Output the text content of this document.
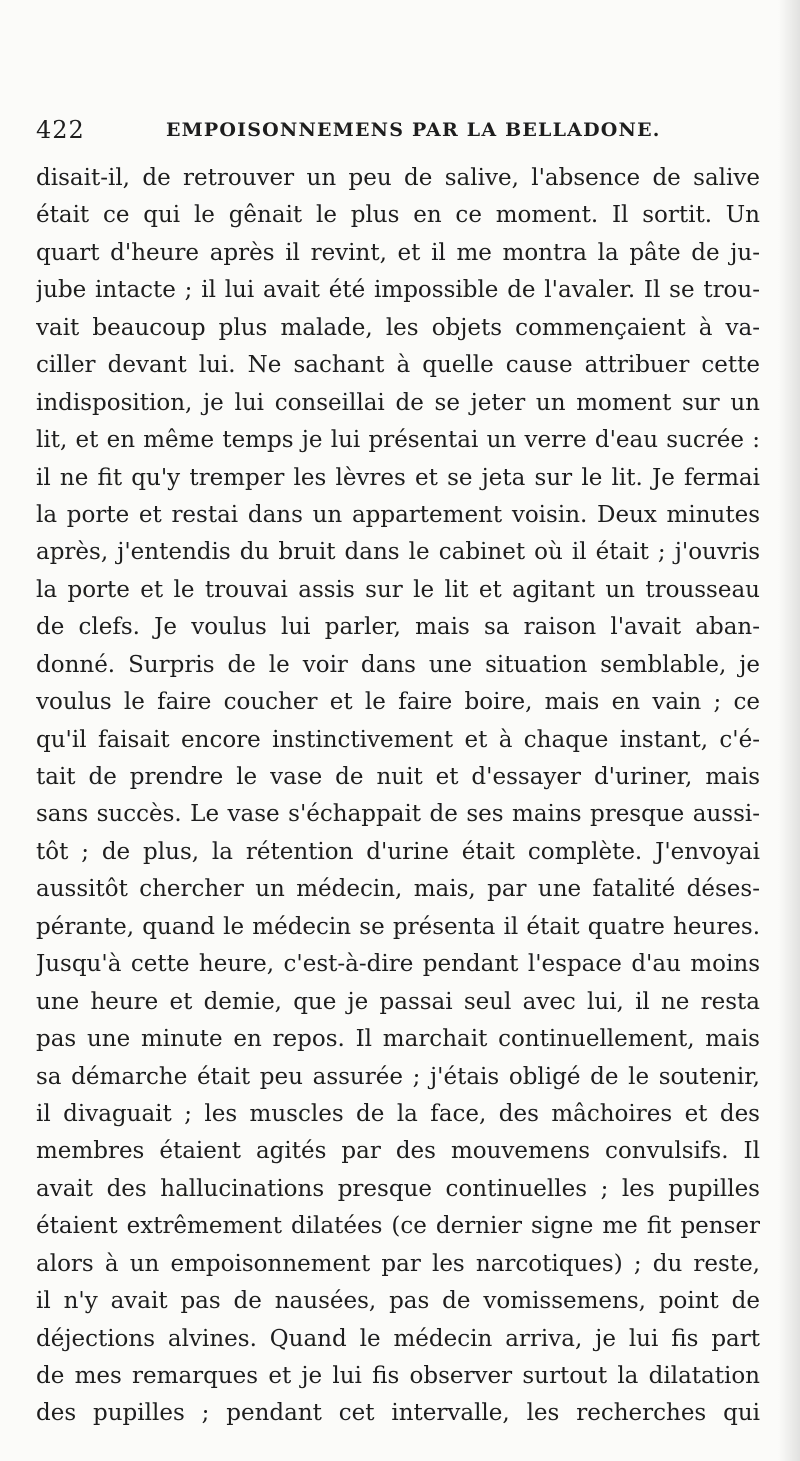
422	EMPOISONNEMENS PAR LA BELLADONE.
disait-il, de retrouver un peu de salive, l'absence de salive
était ce qui le gênait le plus en ce moment. Il sortit. Un
quart d'heure après il revint, et il me montra la pâte de ju-
jube intacte ; il lui avait été impossible de l'avaler. Il se trou-
vait beaucoup plus malade, les objets commençaient à va-
ciller devant lui. Ne sachant à quelle cause attribuer cette
indisposition, je lui conseillai de se jeter un moment sur un
lit, et en même temps je lui présentai un verre d'eau sucrée :
il ne fit qu'y tremper les lèvres et se jeta sur le lit. Je fermai
la porte et restai dans un appartement voisin. Deux minutes
après, j'entendis du bruit dans le cabinet où il était ; j'ouvris
la porte et le trouvai assis sur le lit et agitant un trousseau
de clefs. Je voulus lui parler, mais sa raison l'avait aban-
donné. Surpris de le voir dans une situation semblable, je
voulus le faire coucher et le faire boire, mais en vain ; ce
qu'il faisait encore instinctivement et à chaque instant, c'é-
tait de prendre le vase de nuit et d'essayer d'uriner, mais
sans succès. Le vase s'échappait de ses mains presque aussi-
tôt ; de plus, la rétention d'urine était complète. J'envoyai
aussitôt chercher un médecin, mais, par une fatalité déses-
pérante, quand le médecin se présenta il était quatre heures.
Jusqu'à cette heure, c'est-à-dire pendant l'espace d'au moins
une heure et demie, que je passai seul avec lui, il ne resta
pas une minute en repos. Il marchait continuellement, mais
sa démarche était peu assurée ; j'étais obligé de le soutenir,
il divaguait ; les muscles de la face, des mâchoires et des
membres étaient agités par des mouvemens convulsifs. Il
avait des hallucinations presque continuelles ; les pupilles
étaient extrêmement dilatées (ce dernier signe me fit penser
alors à un empoisonnement par les narcotiques) ; du reste,
il n'y avait pas de nausées, pas de vomissemens, point de
déjections alvines. Quand le médecin arriva, je lui fis part
de mes remarques et je lui fis observer surtout la dilatation
des pupilles ; pendant cet intervalle, les recherches qui
